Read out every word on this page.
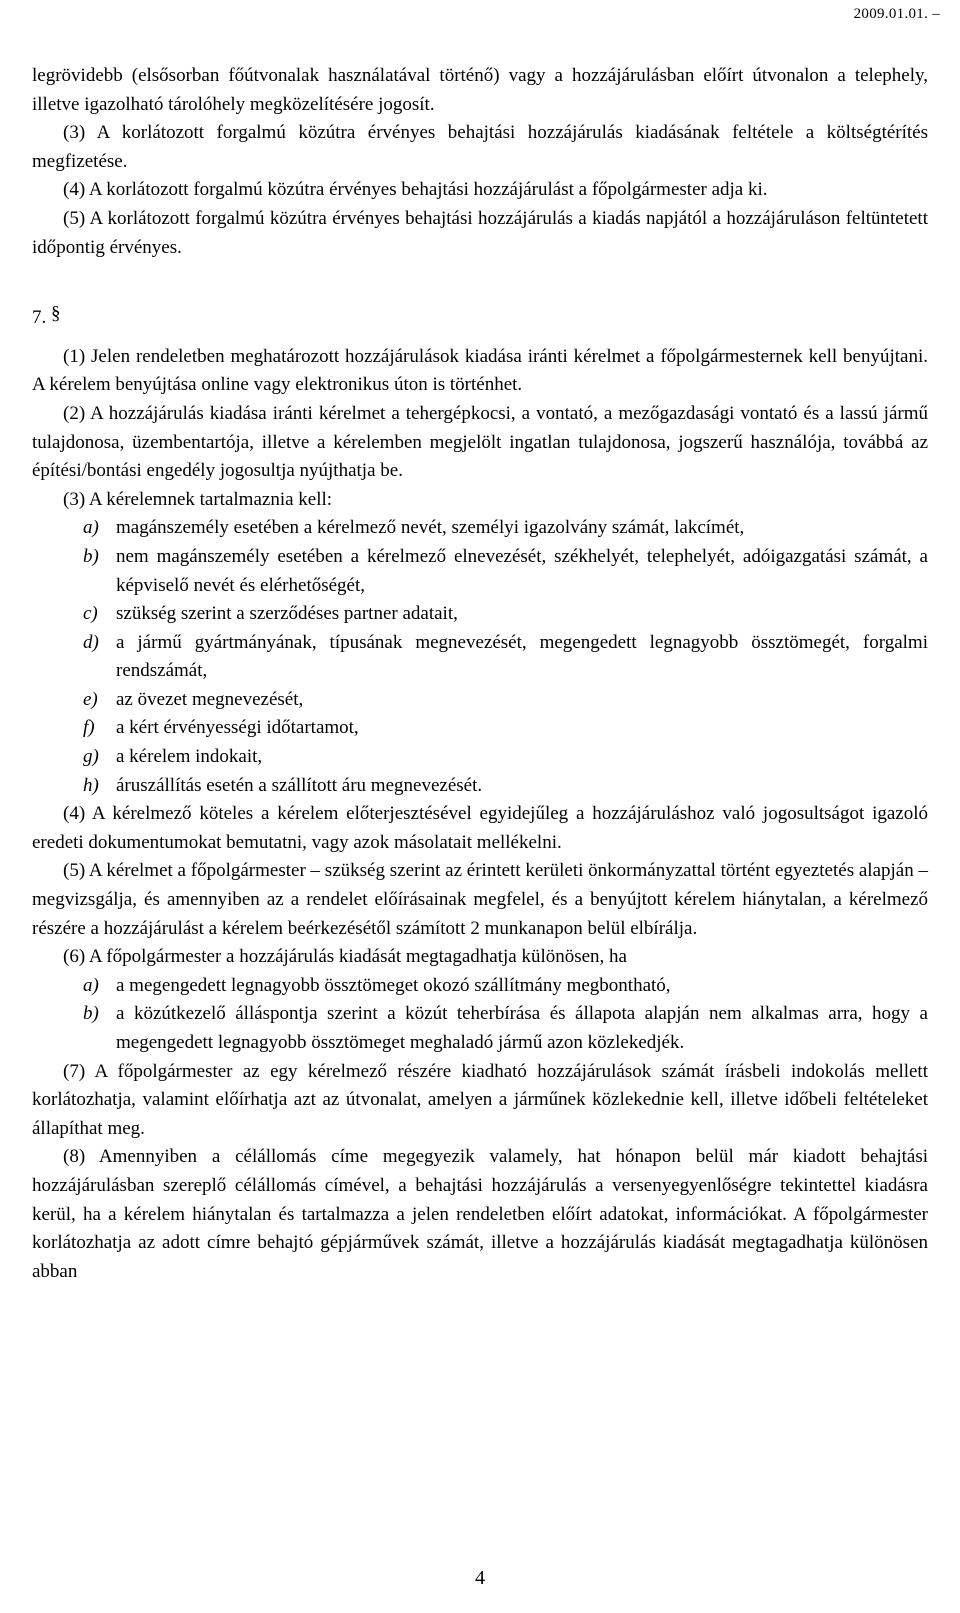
2009.01.01. –

legrövidebb (elsősorban főútvonalak használatával történő) vagy a hozzájárulásban előírt útvonalon a telephely, illetve igazolható tárolóhely megközelítésére jogosít.

(3) A korlátozott forgalmú közútra érvényes behajtási hozzájárulás kiadásának feltétele a költségtérítés megfizetése.

(4) A korlátozott forgalmú közútra érvényes behajtási hozzájárulást a főpolgármester adja ki.

(5) A korlátozott forgalmú közútra érvényes behajtási hozzájárulás a kiadás napjától a hozzájáruláson feltüntetett időpontig érvényes.

7. §

(1) Jelen rendeletben meghatározott hozzájárulások kiadása iránti kérelmet a főpolgármesternek kell benyújtani. A kérelem benyújtása online vagy elektronikus úton is történhet.

(2) A hozzájárulás kiadása iránti kérelmet a tehergépkocsi, a vontató, a mezőgazdasági vontató és a lassú jármű tulajdonosa, üzembentartója, illetve a kérelemben megjelölt ingatlan tulajdonosa, jogszerű használója, továbbá az építési/bontási engedély jogosultja nyújthatja be.

(3) A kérelemnek tartalmaznia kell:

a) magánszemély esetében a kérelmező nevét, személyi igazolvány számát, lakcímét,
b) nem magánszemély esetében a kérelmező elnevezését, székhelyét, telephelyét, adóigazgatási számát, a képviselő nevét és elérhetőségét,
c) szükség szerint a szerződéses partner adatait,
d) a jármű gyártmányának, típusának megnevezését, megengedett legnagyobb össztömegét, forgalmi rendszámát,
e) az övezet megnevezését,
f)	a kért érvényességi időtartamot,
g) a kérelem indokait,
h) áruszállítás esetén a szállított áru megnevezését.

(4) A kérelmező köteles a kérelem előterjesztésével egyidejűleg a hozzájáruláshoz való jogosultságot igazoló eredeti dokumentumokat bemutatni, vagy azok másolatait mellékelni.

(5) A kérelmet a főpolgármester – szükség szerint az érintett kerületi önkormányzattal történt egyeztetés alapján – megvizsgálja, és amennyiben az a rendelet előírásainak megfelel, és a benyújtott kérelem hiánytalan, a kérelmező részére a hozzájárulást a kérelem beérkezésétől számított 2 munkanapon belül elbírálja.

(6) A főpolgármester a hozzájárulás kiadását megtagadhatja különösen, ha

a) a megengedett legnagyobb össztömeget okozó szállítmány megbontható,
b) a közútkezelő álláspontja szerint a közút teherbírása és állapota alapján nem alkalmas arra, hogy a megengedett legnagyobb össztömeget meghaladó jármű azon közlekedjék.

(7) A főpolgármester az egy kérelmező részére kiadható hozzájárulások számát írásbeli indokolás mellett korlátozhatja, valamint előírhatja azt az útvonalat, amelyen a járműnek közlekednie kell, illetve időbeli feltételeket állapíthat meg.

(8) Amennyiben a célállomás címe megegyezik valamely, hat hónapon belül már kiadott behajtási hozzájárulásban szereplő célállomás címével, a behajtási hozzájárulás a versenyegyenlőségre tekintettel kiadásra kerül, ha a kérelem hiánytalan és tartalmazza a jelen rendeletben előírt adatokat, információkat. A főpolgármester korlátozhatja az adott címre behajtó gépjárművek számát, illetve a hozzájárulás kiadását megtagadhatja különösen abban

4
